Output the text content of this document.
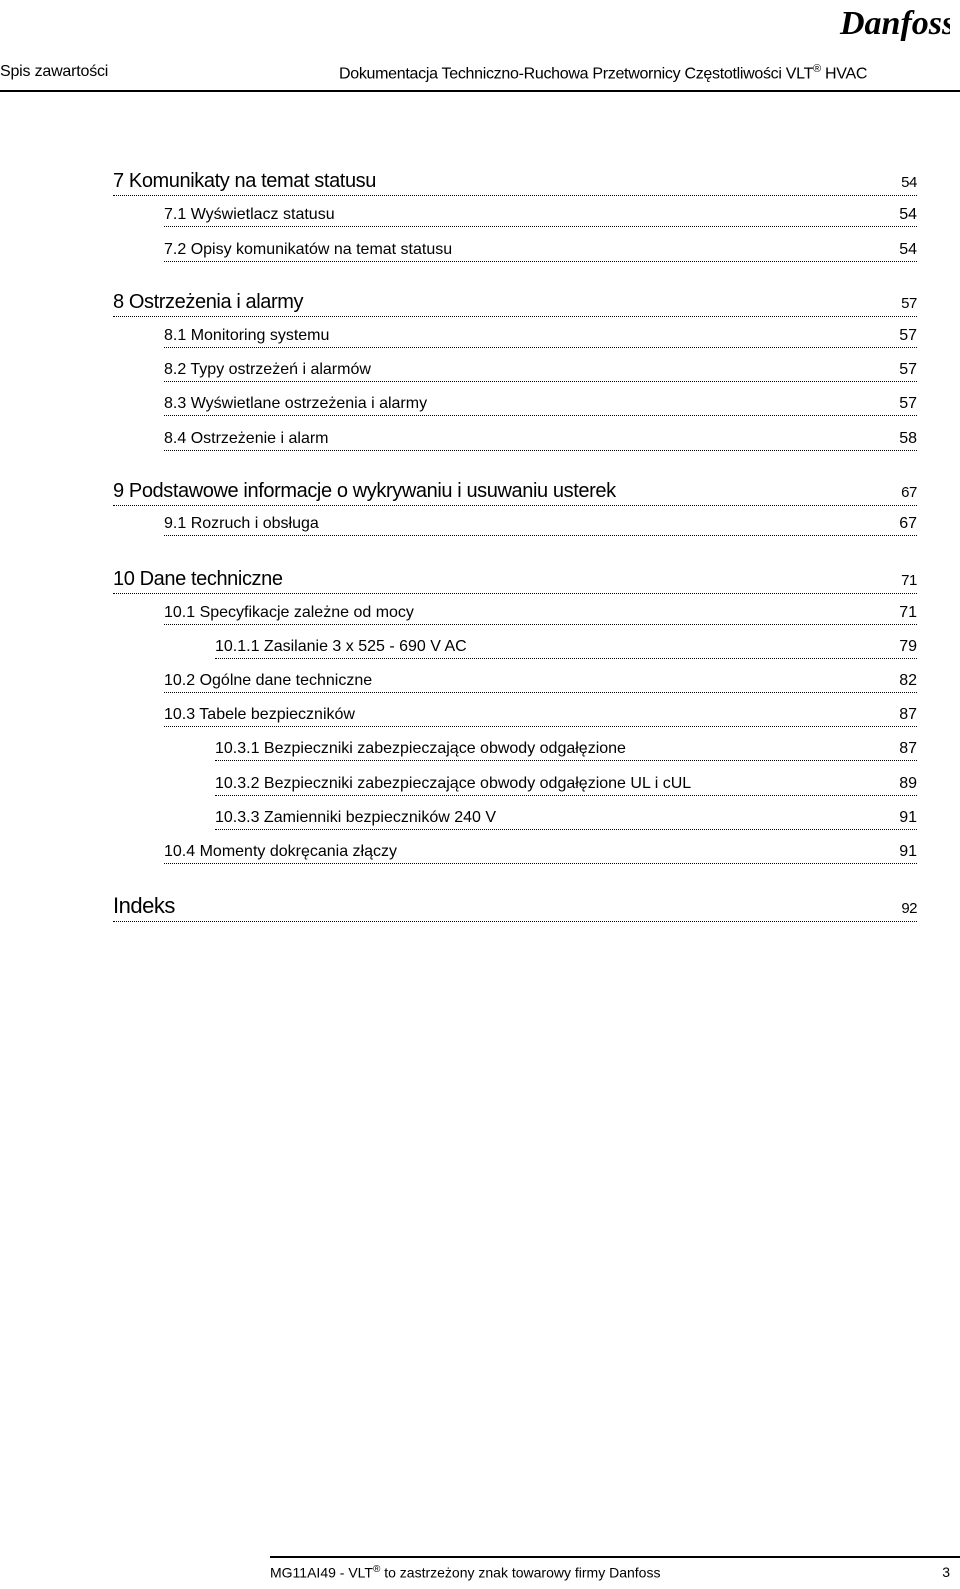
Danfoss
Spis zawartości	Dokumentacja Techniczno-Ruchowa Przetwornicy Częstotliwości VLT® HVAC
7 Komunikaty na temat statusu	54
7.1 Wyświetlacz statusu	54
7.2 Opisy komunikatów na temat statusu	54
8 Ostrzeżenia i alarmy	57
8.1 Monitoring systemu	57
8.2 Typy ostrzeżeń i alarmów	57
8.3 Wyświetlane ostrzeżenia i alarmy	57
8.4 Ostrzeżenie i alarm	58
9 Podstawowe informacje o wykrywaniu i usuwaniu usterek	67
9.1 Rozruch i obsługa	67
10 Dane techniczne	71
10.1 Specyfikacje zależne od mocy	71
10.1.1 Zasilanie 3 x 525 - 690 V AC	79
10.2 Ogólne dane techniczne	82
10.3 Tabele bezpieczników	87
10.3.1 Bezpieczniki zabezpieczające obwody odgałęzione	87
10.3.2 Bezpieczniki zabezpieczające obwody odgałęzione UL i cUL	89
10.3.3 Zamienniki bezpieczników 240 V	91
10.4 Momenty dokręcania złączy	91
Indeks	92
MG11AI49 - VLT® to zastrzeżony znak towarowy firmy Danfoss	3
